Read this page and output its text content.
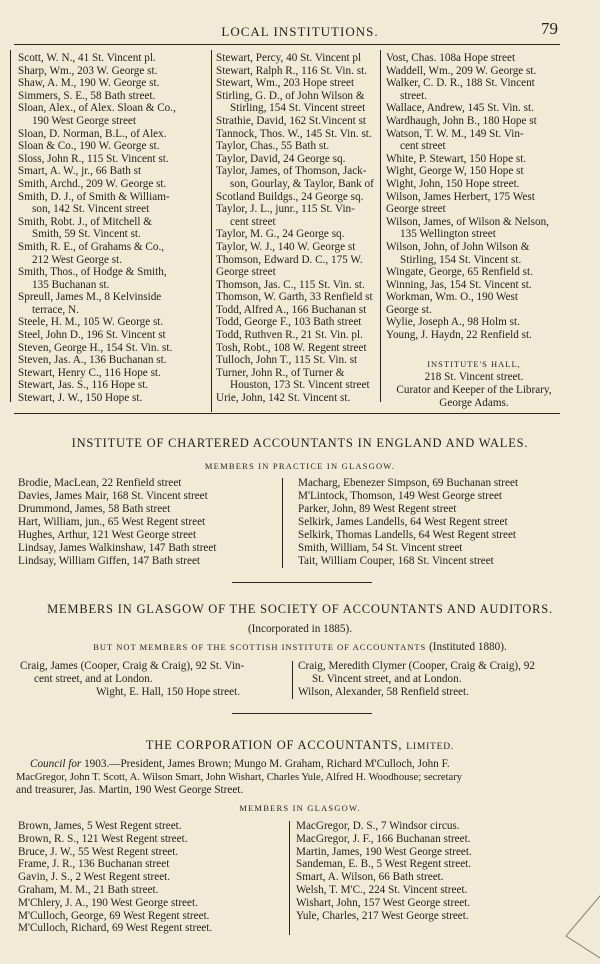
LOCAL INSTITUTIONS.	79
Scott, W. N., 41 St. Vincent pl.
Sharp, Wm., 203 W. George st.
Shaw, A. M., 190 W. George st.
Simmers, S. E., 58 Bath street.
Sloan, Alex., of Alex. Sloan & Co.,
190 West George street
Sloan, D. Norman, B.L., of Alex.
Sloan & Co., 190 W. George st.
Sloss, John R., 115 St. Vincent st.
Smart, A. W., jr., 66 Bath st
Smith, Archd., 209 W. George st.
Smith, D. J., of Smith & William-
son, 142 St. Vincent street
Smith, Robt. J., of Mitchell &
Smith, 59 St. Vincent st.
Smith, R. E., of Grahams & Co.,
212 West George st.
Smith, Thos., of Hodge & Smith,
135 Buchanan st.
Spreull, James M., 8 Kelvinside
terrace, N.
Steele, H. M., 105 W. George st.
Steel, John D., 196 St. Vincent st
Steven, George H., 154 St. Vin. st.
Steven, Jas. A., 136 Buchanan st.
Stewart, Henry C., 116 Hope st.
Stewart, Jas. S., 116 Hope st.
Stewart, J. W., 150 Hope st.
Stewart, Percy, 40 St. Vincent pl
Stewart, Ralph R., 116 St. Vin. st.
Stewart, Wm., 203 Hope street
Stirling, G. D., of John Wilson &
Stirling, 154 St. Vincent street
Strathie, David, 162 St.Vincent st
Tannock, Thos. W., 145 St. Vin. st.
Taylor, Chas., 55 Bath st.
Taylor, David, 24 George sq.
Taylor, James, of Thomson, Jack-
son, Gourlay, & Taylor, Bank of
Scotland Buildgs., 24 George sq.
Taylor, J. L., junr., 115 St. Vin-
cent street
Taylor, M. G., 24 George sq.
Taylor, W. J., 140 W. George st
Thomson, Edward D. C., 175 W.
George street
Thomson, Jas. C., 115 St. Vin. st.
Thomson, W. Garth, 33 Renfield st
Todd, Alfred A., 166 Buchanan st
Todd, George F., 103 Bath street
Todd, Ruthven R., 21 St. Vin. pl.
Tosh, Robt., 108 W. Regent street
Tulloch, John T., 115 St. Vin. st
Turner, John R., of Turner &
Houston, 173 St. Vincent street
Urie, John, 142 St. Vincent st.
Vost, Chas. 108a Hope street
Waddell, Wm., 209 W. George st.
Walker, C. D. R., 188 St. Vincent
street.
Wallace, Andrew, 145 St. Vin. st.
Wardhaugh, John B., 180 Hope st
Watson, T. W. M., 149 St. Vin-
cent street
White, P. Stewart, 150 Hope st.
Wight, George W, 150 Hope st
Wight, John, 150 Hope street.
Wilson, James Herbert, 175 West
George street
Wilson, James, of Wilson & Nelson,
135 Wellington street
Wilson, John, of John Wilson &
Stirling, 154 St. Vincent st.
Wingate, George, 65 Renfield st.
Winning, Jas, 154 St. Vincent st.
Workman, Wm. O., 190 West
George st.
Wylie, Joseph A., 98 Holm st.
Young, J. Haydn, 22 Renfield st.
INSTITUTE'S HALL,
218 St. Vincent street.
Curator and Keeper of the Library,
George Adams.
INSTITUTE OF CHARTERED ACCOUNTANTS IN ENGLAND AND WALES.
MEMBERS IN PRACTICE IN GLASGOW.
Brodie, MacLean, 22 Renfield street
Davies, James Mair, 168 St. Vincent street
Drummond, James, 58 Bath street
Hart, William, jun., 65 West Regent street
Hughes, Arthur, 121 West George street
Lindsay, James Walkinshaw, 147 Bath street
Lindsay, William Giffen, 147 Bath street
Macharg, Ebenezer Simpson, 69 Buchanan street
M'Lintock, Thomson, 149 West George street
Parker, John, 89 West Regent street
Selkirk, James Landells, 64 West Regent street
Selkirk, Thomas Landells, 64 West Regent street
Smith, William, 54 St. Vincent street
Tait, William Couper, 168 St. Vincent street
MEMBERS IN GLASGOW OF THE SOCIETY OF ACCOUNTANTS AND AUDITORS.
(Incorporated in 1885).
BUT NOT MEMBERS OF THE SCOTTISH INSTITUTE OF ACCOUNTANTS (Instituted 1880).
Craig, James (Cooper, Craig & Craig), 92 St. Vin-
cent street, and at London.
Wight, E. Hall, 150 Hope street.
Craig, Meredith Clymer (Cooper, Craig & Craig), 92
St. Vincent street, and at London.
Wilson, Alexander, 58 Renfield street.
THE CORPORATION OF ACCOUNTANTS, LIMITED.
Council for 1903.—President, James Brown; Mungo M. Graham, Richard M'Culloch, John F.
MacGregor, John T. Scott, A. Wilson Smart, John Wishart, Charles Yule, Alfred H. Woodhouse; secretary
and treasurer, Jas. Martin, 190 West George Street.
MEMBERS IN GLASGOW.
Brown, James, 5 West Regent street.
Brown, R. S., 121 West Regent street.
Bruce, J. W., 55 West Regent street.
Frame, J. R., 136 Buchanan street
Gavin, J. S., 2 West Regent street.
Graham, M. M., 21 Bath street.
M'Chlery, J. A., 190 West George street.
M'Culloch, George, 69 West Regent street.
M'Culloch, Richard, 69 West Regent street.
MacGregor, D. S., 7 Windsor circus.
MacGregor, J. F., 166 Buchanan street.
Martin, James, 190 West George street.
Sandeman, E. B., 5 West Regent street.
Smart, A. Wilson, 66 Bath street.
Welsh, T. M'C., 224 St. Vincent street.
Wishart, John, 157 West George street.
Yule, Charles, 217 West George street.
